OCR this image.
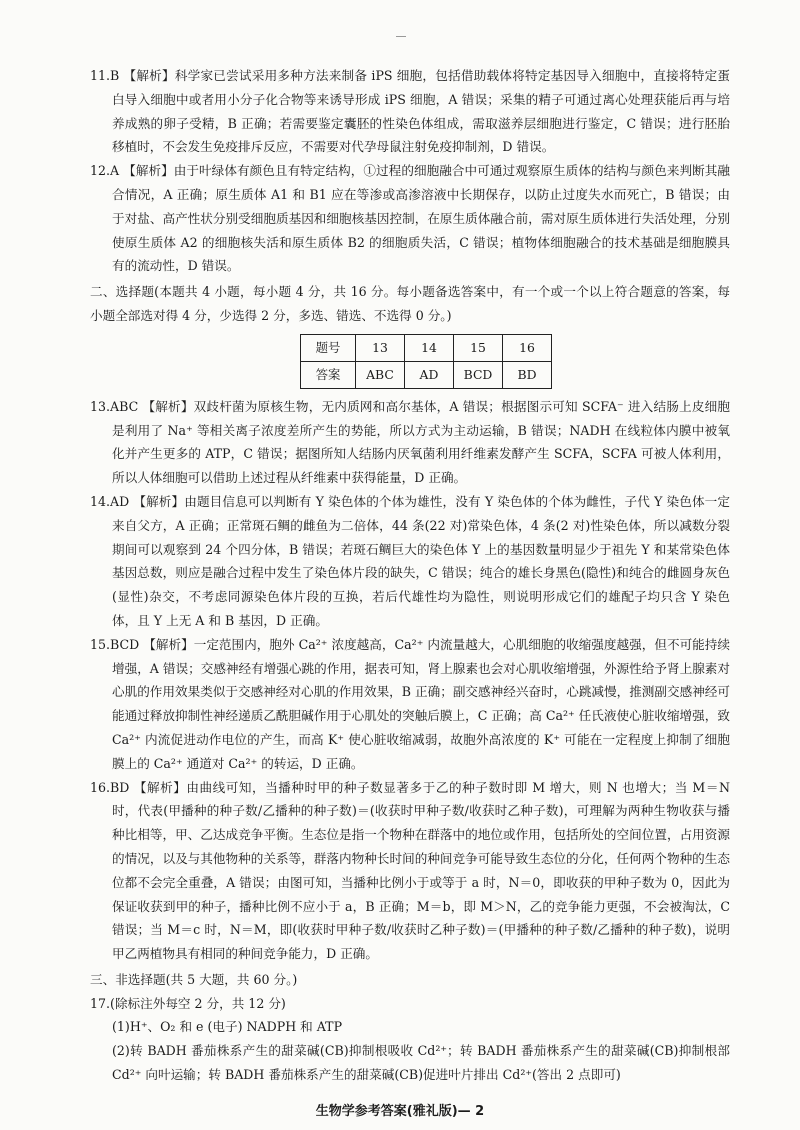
11.B 【解析】科学家已尝试采用多种方法来制备 iPS 细胞，包括借助载体将特定基因导入细胞中，直接将特定蛋白导入细胞中或者用小分子化合物等来诱导形成 iPS 细胞，A 错误；采集的精子可通过离心处理获能后再与培养成熟的卵子受精，B 正确；若需要鉴定囊胚的性染色体组成，需取滋养层细胞进行鉴定，C 错误；进行胚胎移植时，不会发生免疫排斥反应，不需要对代孕母鼠注射免疫抑制剂，D 错误。

12.A 【解析】由于叶绿体有颜色且有特定结构，①过程的细胞融合中可通过观察原生质体的结构与颜色来判断其融合情况，A 正确；原生质体 A1 和 B1 应在等渗或高渗溶液中长期保存，以防止过度失水而死亡，B 错误；由于对盐、高产性状分别受细胞质基因和细胞核基因控制，在原生质体融合前，需对原生质体进行失活处理，分别使原生质体 A2 的细胞核失活和原生质体 B2 的细胞质失活，C 错误；植物体细胞融合的技术基础是细胞膜具有的流动性，D 错误。

二、选择题(本题共 4 小题，每小题 4 分，共 16 分。每小题备选答案中，有一个或一个以上符合题意的答案，每小题全部选对得 4 分，少选得 2 分，多选、错选、不选得 0 分。)

题号	13	14	15	16
答案	ABC	AD	BCD	BD

13.ABC 【解析】双歧杆菌为原核生物，无内质网和高尔基体，A 错误；根据图示可知 SCFA⁻ 进入结肠上皮细胞是利用了 Na⁺ 等相关离子浓度差所产生的势能，所以方式为主动运输，B 错误；NADH 在线粒体内膜中被氧化并产生更多的 ATP，C 错误；据图所知人结肠内厌氧菌利用纤维素发酵产生 SCFA，SCFA 可被人体利用，所以人体细胞可以借助上述过程从纤维素中获得能量，D 正确。

14.AD 【解析】由题目信息可以判断有 Y 染色体的个体为雄性，没有 Y 染色体的个体为雌性，子代 Y 染色体一定来自父方，A 正确；正常斑石鲷的雌鱼为二倍体，44 条(22 对)常染色体，4 条(2 对)性染色体，所以减数分裂期间可以观察到 24 个四分体，B 错误；若斑石鲷巨大的染色体 Y 上的基因数量明显少于祖先 Y 和某常染色体基因总数，则应是融合过程中发生了染色体片段的缺失，C 错误；纯合的雄长身黑色(隐性)和纯合的雌圆身灰色(显性)杂交，不考虑同源染色体片段的互换，若后代雄性均为隐性，则说明形成它们的雄配子均只含 Y 染色体，且 Y 上无 A 和 B 基因，D 正确。

15.BCD 【解析】一定范围内，胞外 Ca²⁺ 浓度越高，Ca²⁺ 内流量越大，心肌细胞的收缩强度越强，但不可能持续增强，A 错误；交感神经有增强心跳的作用，据表可知，肾上腺素也会对心肌收缩增强，外源性给予肾上腺素对心肌的作用效果类似于交感神经对心肌的作用效果，B 正确；副交感神经兴奋时，心跳减慢，推测副交感神经可能通过释放抑制性神经递质乙酰胆碱作用于心肌处的突触后膜上，C 正确；高 Ca²⁺ 任氏液使心脏收缩增强，致 Ca²⁺ 内流促进动作电位的产生，而高 K⁺ 使心脏收缩减弱，故胞外高浓度的 K⁺ 可能在一定程度上抑制了细胞膜上的 Ca²⁺ 通道对 Ca²⁺ 的转运，D 正确。

16.BD 【解析】由曲线可知，当播种时甲的种子数显著多于乙的种子数时即 M 增大，则 N 也增大；当 M＝N 时，代表(甲播种的种子数/乙播种的种子数)＝(收获时甲种子数/收获时乙种子数)，可理解为两种生物收获与播种比相等，甲、乙达成竞争平衡。生态位是指一个物种在群落中的地位或作用，包括所处的空间位置，占用资源的情况，以及与其他物种的关系等，群落内物种长时间的种间竞争可能导致生态位的分化，任何两个物种的生态位都不会完全重叠，A 错误；由图可知，当播种比例小于或等于 a 时，N＝0，即收获的甲种子数为 0，因此为保证收获到甲的种子，播种比例不应小于 a，B 正确；M＝b，即 M＞N，乙的竞争能力更强，不会被淘汰，C 错误；当 M＝c 时，N＝M，即(收获时甲种子数/收获时乙种子数)＝(甲播种的种子数/乙播种的种子数)，说明甲乙两植物具有相同的种间竞争能力，D 正确。

三、非选择题(共 5 大题，共 60 分。)

17.(除标注外每空 2 分，共 12 分)

(1)H⁺、O₂ 和 e (电子) NADPH 和 ATP

(2)转 BADH 番茄株系产生的甜菜碱(CB)抑制根吸收 Cd²⁺；转 BADH 番茄株系产生的甜菜碱(CB)抑制根部 Cd²⁺ 向叶运输；转 BADH 番茄株系产生的甜菜碱(CB)促进叶片排出 Cd²⁺(答出 2 点即可)

生物学参考答案(雅礼版)— 2
